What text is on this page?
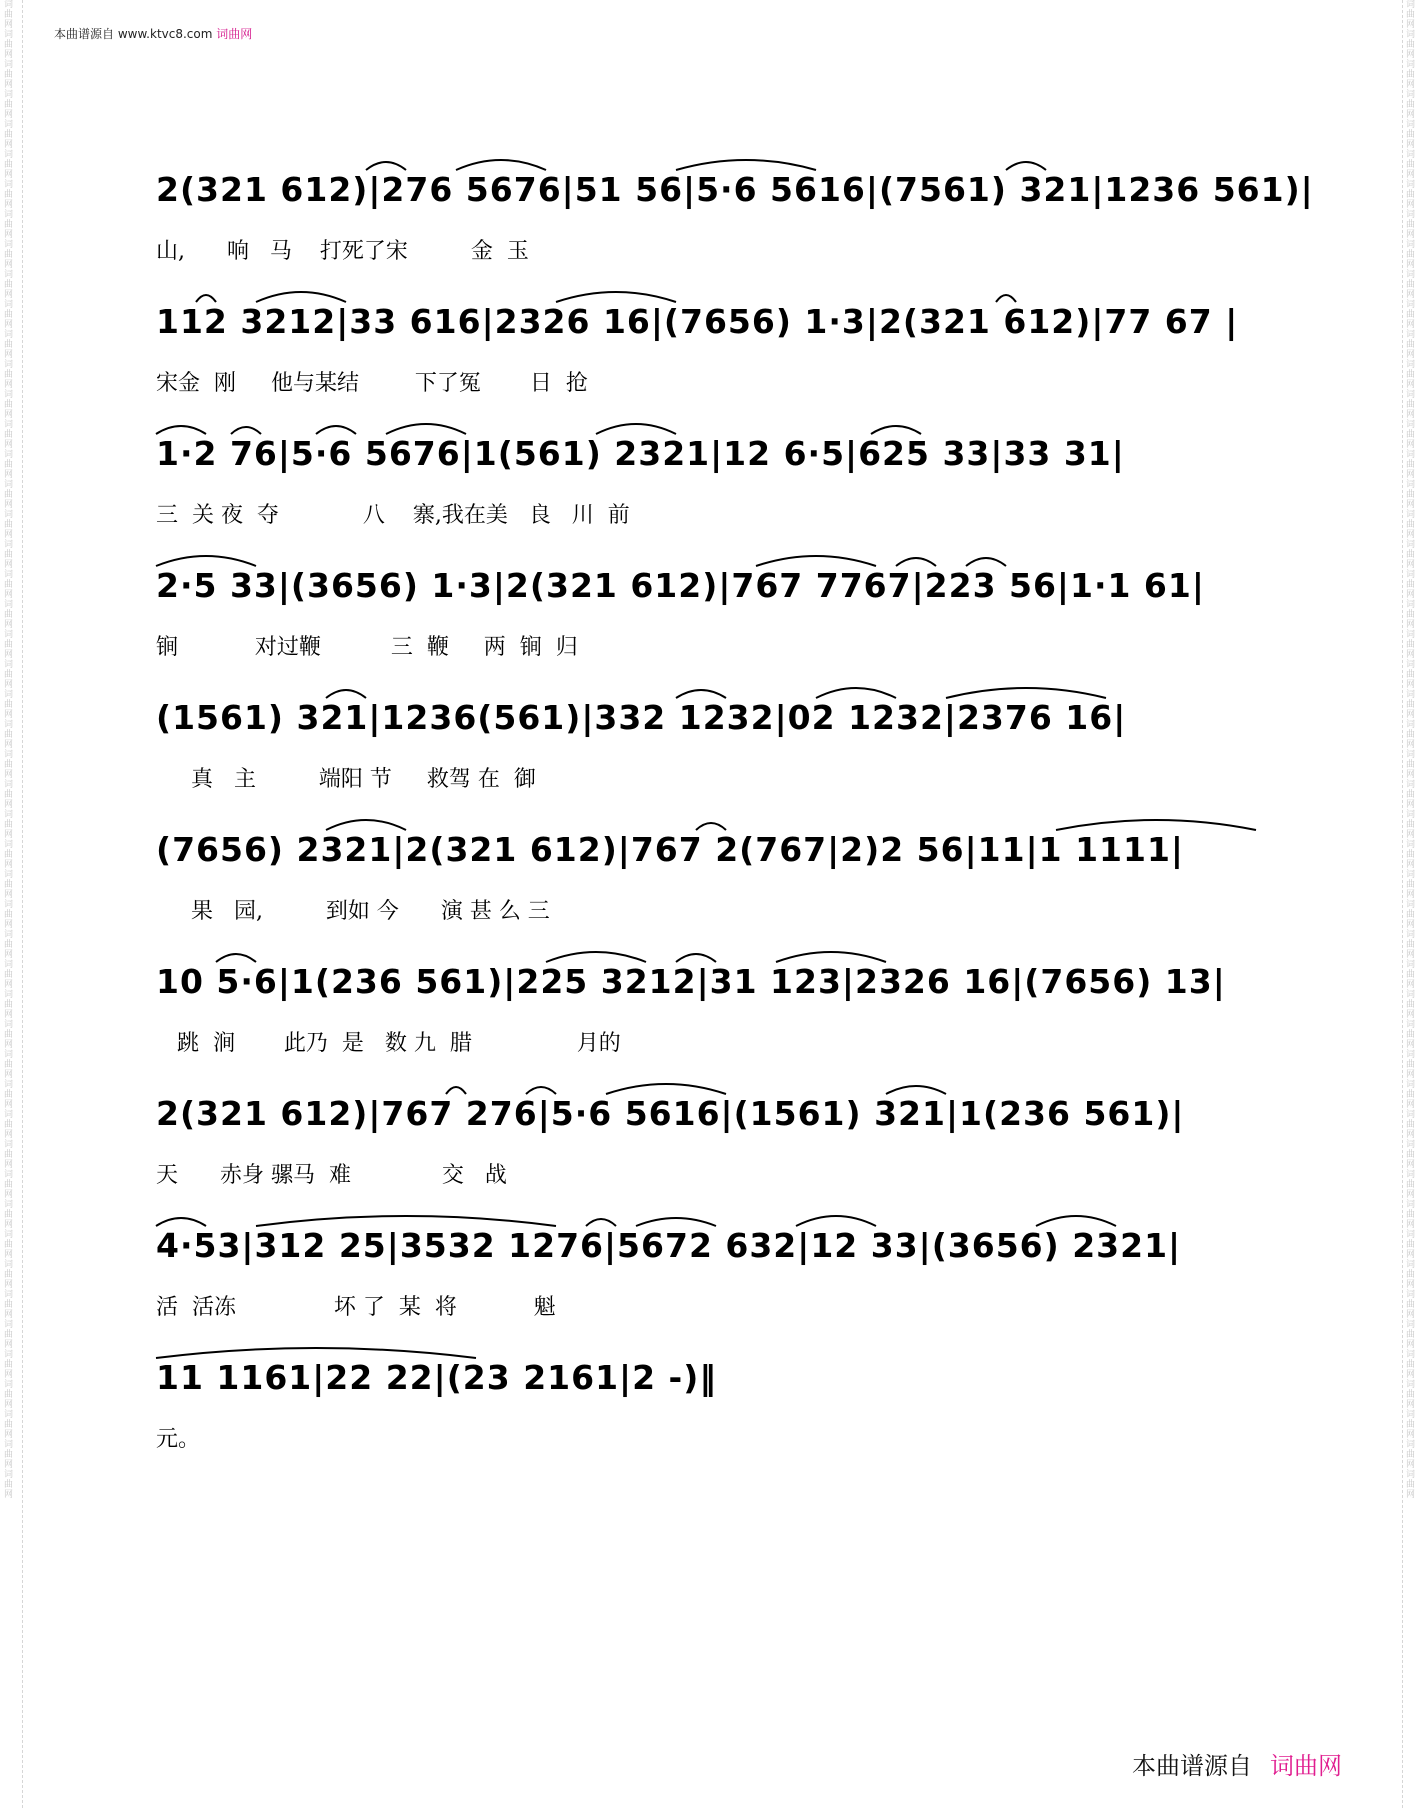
词曲网词曲网词曲网词曲网词曲网词曲网词曲网词曲网词曲网词曲网词曲网词曲网词曲网词曲网词曲网词曲网词曲网词曲网词曲网词曲网词曲网词曲网词曲网词曲网词曲网词曲网词曲网词曲网词曲网词曲网词曲网词曲网词曲网词曲网词曲网词曲网词曲网词曲网词曲网词曲网词曲网词曲网词曲网词曲网词曲网词曲网词曲网词曲网词曲网词曲网
词曲网词曲网词曲网词曲网词曲网词曲网词曲网词曲网词曲网词曲网词曲网词曲网词曲网词曲网词曲网词曲网词曲网词曲网词曲网词曲网词曲网词曲网词曲网词曲网词曲网词曲网词曲网词曲网词曲网词曲网词曲网词曲网词曲网词曲网词曲网词曲网词曲网词曲网词曲网词曲网词曲网词曲网词曲网词曲网词曲网词曲网词曲网词曲网词曲网词曲网
本曲谱源自 www.ktvc8.com 词曲网
2(321 612)|276 5676|51 56|5·6 5616|(7561) 321|1236 561)|
山,      响   马    打死了宋         金  玉
112 3212|33 616|2326 16|(7656) 1·3|2(321 612)|77 67 |
宋金  刚     他与某结        下了冤       日  抢
1·2 76|5·6 5676|1(561) 2321|12 6·5|625 33|33 31|
三  关 夜  夺            八    寨,我在美   良   川  前
2·5 33|(3656) 1·3|2(321 612)|767 7767|223 56|1·1 61|
锏           对过鞭          三  鞭     两  锏  归
(1561) 321|1236(561)|332 1232|02 1232|2376 16|
真   主         端阳 节     救驾 在  御
(7656) 2321|2(321 612)|767 2(767|2)2 56|11|1 1111|
果   园,         到如 今      演 甚 么 三
10 5·6|1(236 561)|225 3212|31 123|2326 16|(7656) 13|
跳  涧       此乃  是   数 九  腊               月的
2(321 612)|767 276|5·6 5616|(1561) 321|1(236 561)|
天      赤身 骡马  难             交   战
4·53|312 25|3532 1276|5672 632|12 33|(3656) 2321|
活  活冻              坏 了  某  将           魁
11 1161|22 22|(23 2161|2 -)‖
元。
本曲谱源自 词曲网
